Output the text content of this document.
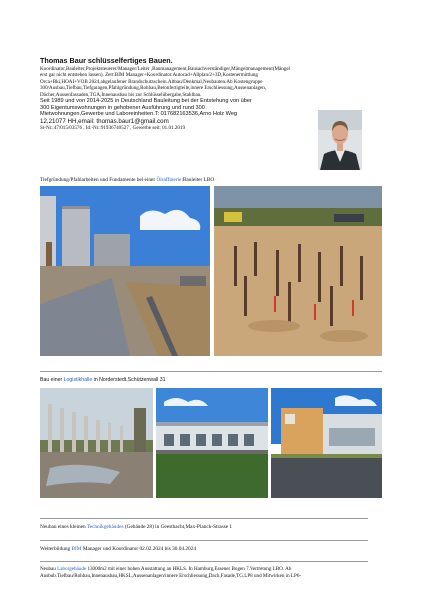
Thomas Baur schlüsselfertiges Bauen.
Koordinator,Bauleiter,Projektsteuerer/Manager/Leiter ,Baumanagement,Bausachverständiger,Mängelmanagement(Mängel
erst gar nicht entstehen lassen). Zert.BIM Manager+Koordinator.Autocad+Allplan/2+3D,Kostenermittlung
Orca+Bki,HOAI+VOB 2024,abgelaufener Brandschutzschein.Altbau/Denkmal,Neubauten.Ab Kostengruppe
300/Ausbau,Tiefbau,Tiefgaragen,Pfahlgründung,Rohbau,Betonfertigteile,innere Erschliessung,Aussenanlagen,
Dächer,Aussenfassaden,TGA,Innenausbau bis zur Schlüsselübergabe,Stahlbau.
Seit 1989 und von 2014-2025 in Deutschland Bauleitung bei der Entstehung von über
300 Eigentumswohnungen in gehobener Ausführung und rund 300
Mietwohnungen,Gewerbe und Laboreinheiten.T: 017682163536,Arno Holz Weg
12,21077 HH,email: thomas.baur1@gmail.com
St-Nr.:47/015/03576 , Id.-Nr.:91936740527 , Gewerbe seit: 01.01.2019
Tiefgründung/Pfahlarbeiten und Fundamente bei einer Ölraffinerie:Bauleiter LBO
Bau einer Logistikhalle in Norderstedt,Schützenwall 31
Neubau eines kleinen Technikgebäudes (Gebäude 28) in Geesthacht,Max-Planck-Strasse 1
Weiterbildung BIM Manager und Koordinator 02.02.2024 bis 30.04.2024
Neubau Laborgebäude 13000m2 mit einer hohen Ausstattung an HKLS. In Hamburg,Essener Bogen 7.Vertretung LBO. Ab
Ausbub.Tiefbau/Rohbau,Innenausbau,HKSL,Aussenanlagen/innere Erschliessung,Dach,Fasade,TG.LP8 und Mitwirken in LP6-
